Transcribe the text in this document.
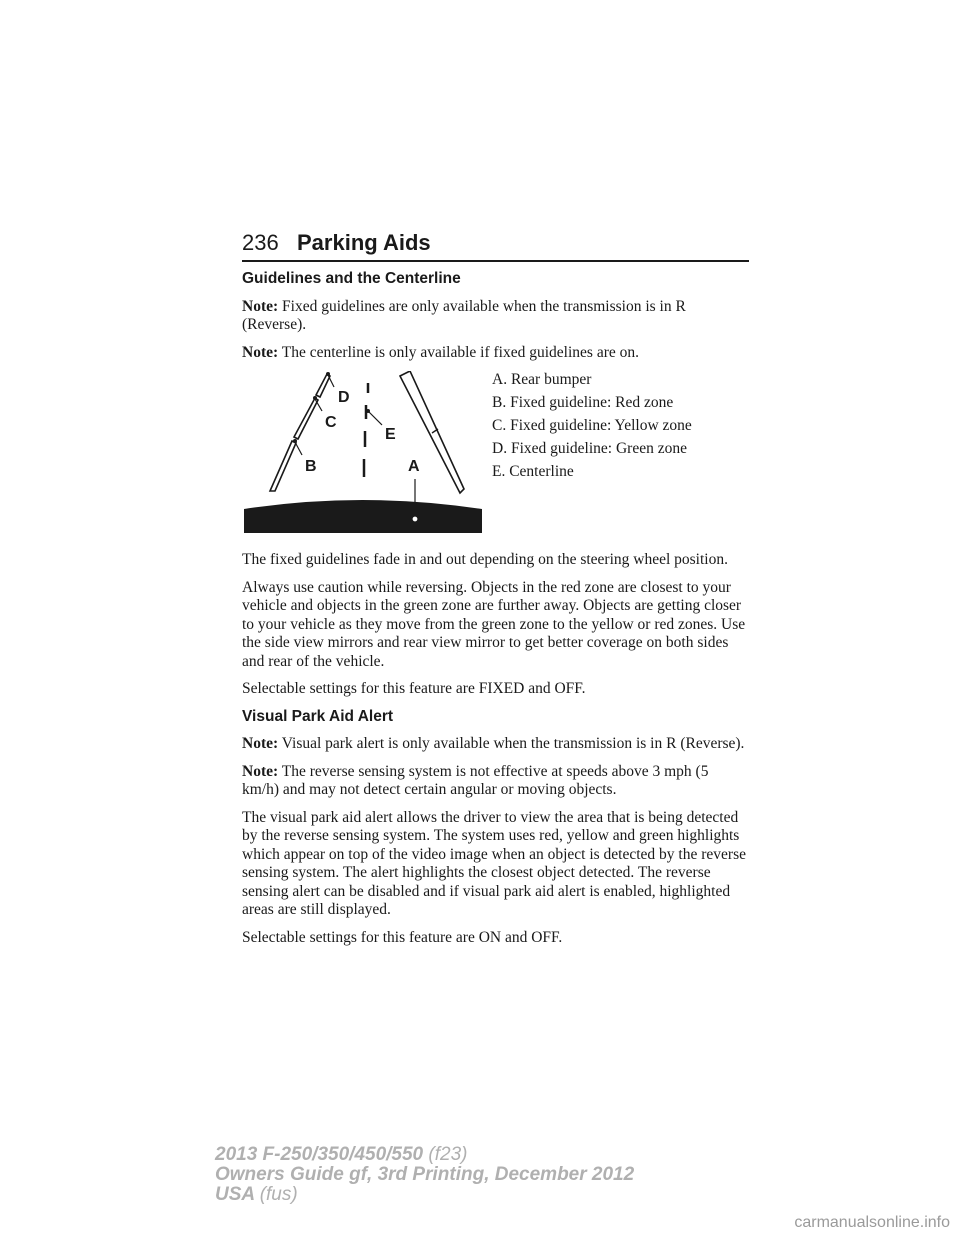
236 Parking Aids
Guidelines and the Centerline

Note: Fixed guidelines are only available when the transmission is in R (Reverse).

Note: The centerline is only available if fixed guidelines are on.

D
C
E
B	A
A. Rear bumper
B. Fixed guideline: Red zone
C. Fixed guideline: Yellow zone
D. Fixed guideline: Green zone
E. Centerline

The fixed guidelines fade in and out depending on the steering wheel position.

Always use caution while reversing. Objects in the red zone are closest to your vehicle and objects in the green zone are further away. Objects are getting closer to your vehicle as they move from the green zone to the yellow or red zones. Use the side view mirrors and rear view mirror to get better coverage on both sides and rear of the vehicle.

Selectable settings for this feature are FIXED and OFF.

Visual Park Aid Alert

Note: Visual park alert is only available when the transmission is in R (Reverse).

Note: The reverse sensing system is not effective at speeds above 3 mph (5 km/h) and may not detect certain angular or moving objects.

The visual park aid alert allows the driver to view the area that is being detected by the reverse sensing system. The system uses red, yellow and green highlights which appear on top of the video image when an object is detected by the reverse sensing system. The alert highlights the closest object detected. The reverse sensing alert can be disabled and if visual park aid alert is enabled, highlighted areas are still displayed.

Selectable settings for this feature are ON and OFF.

2013 F-250/350/450/550 (f23)
Owners Guide gf, 3rd Printing, December 2012
USA (fus)
carmanualsonline.info
